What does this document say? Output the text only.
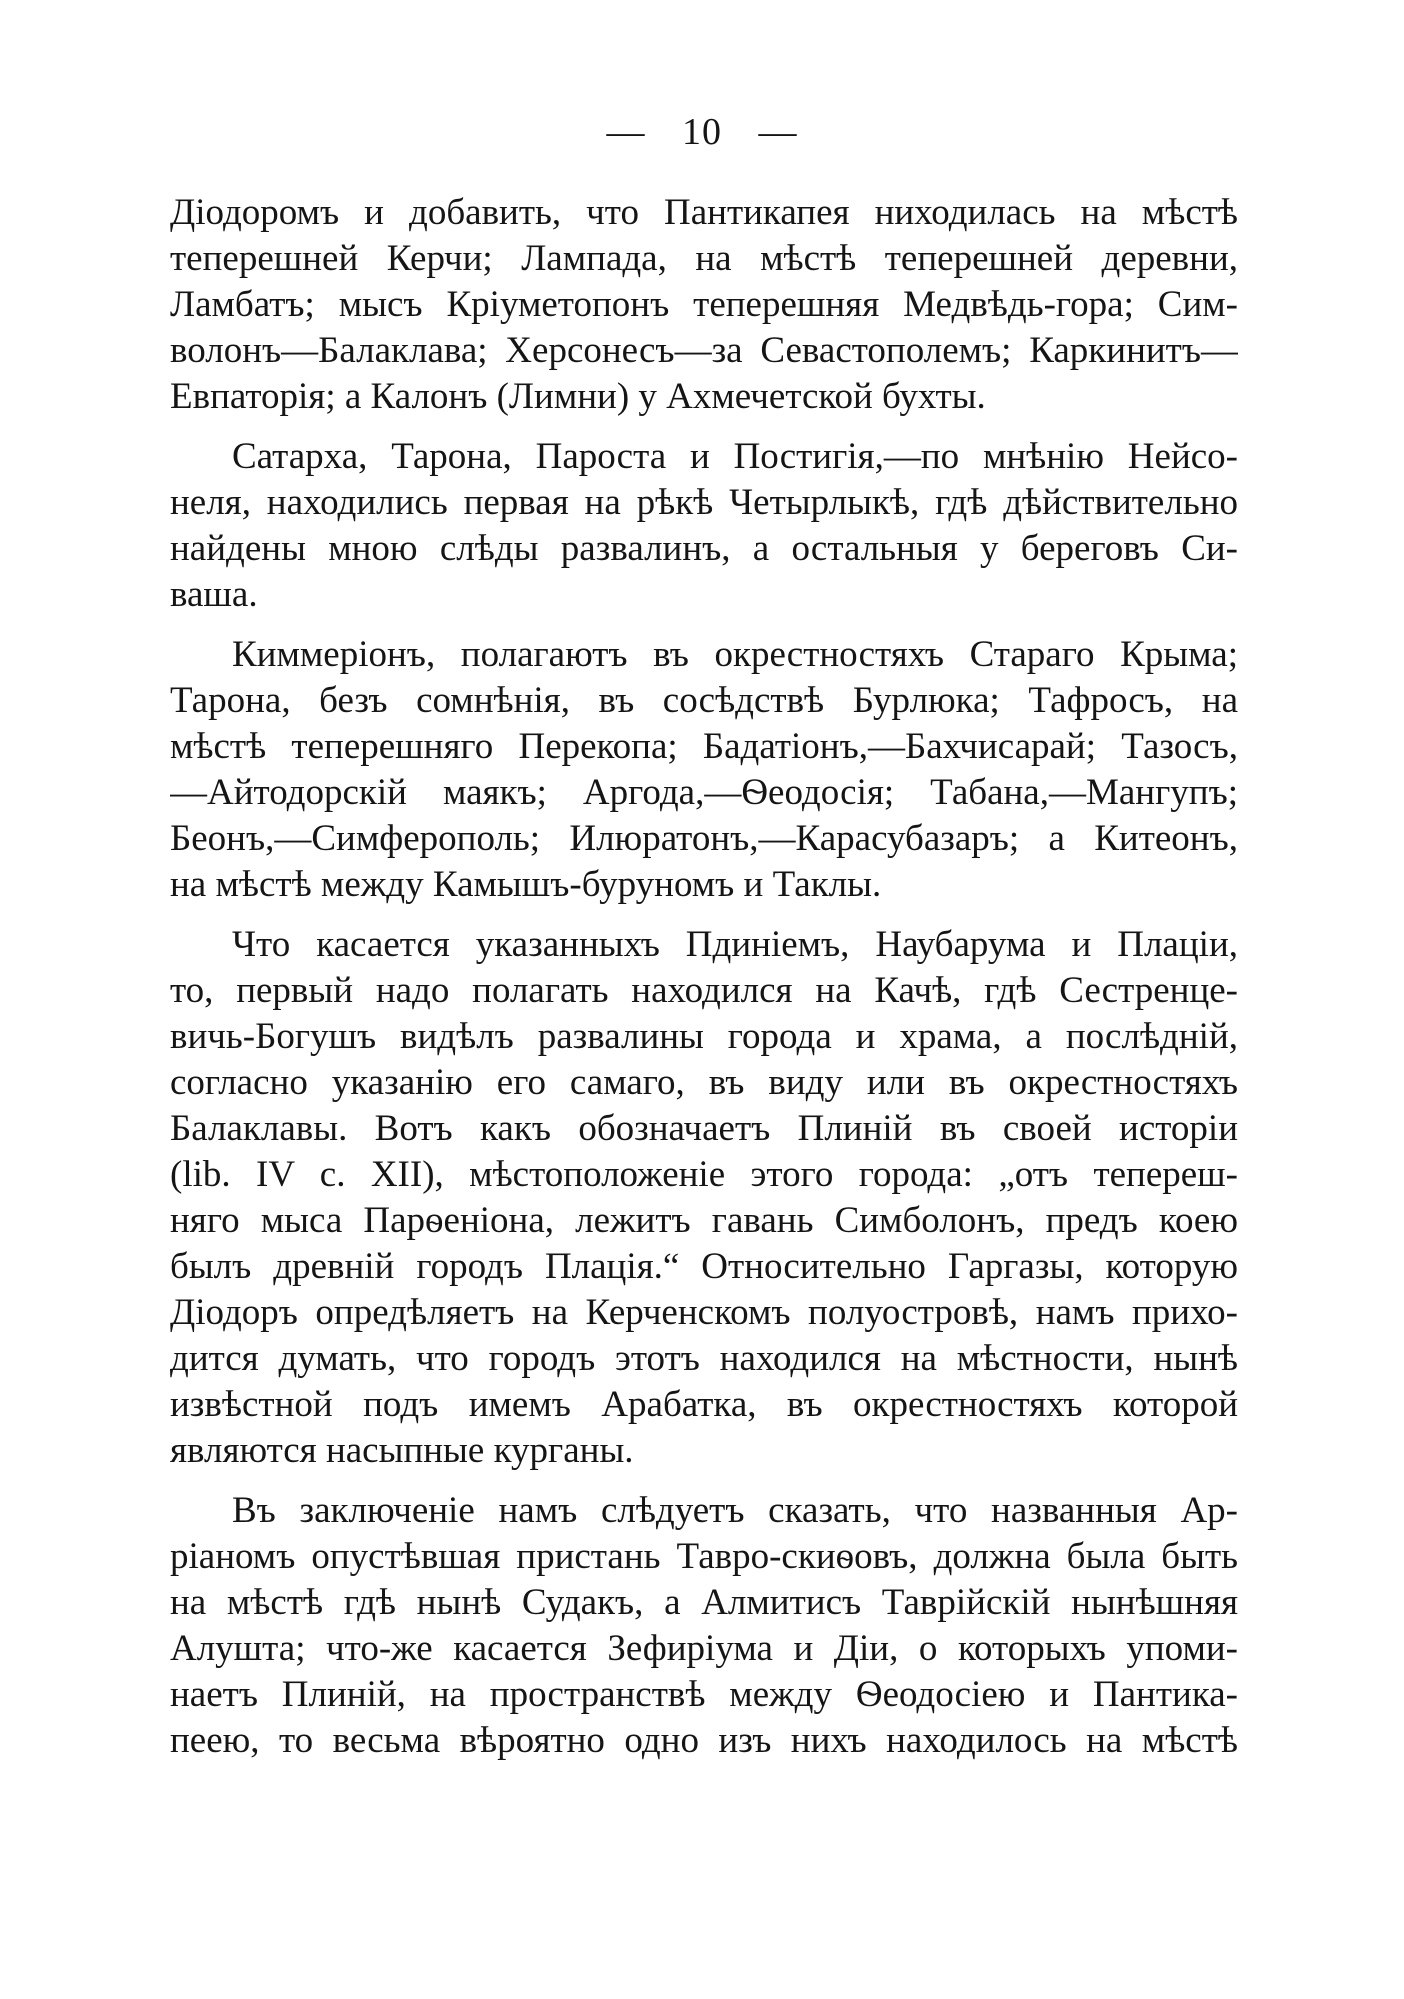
— 10 —
Діодоромъ и добавить, что Пантикапея ниходилась на мѣстѣ
теперешней Керчи; Лампада, на мѣстѣ теперешней деревни,
Ламбатъ; мысъ Кріуметопонъ теперешняя Медвѣдь-гора; Сим-
волонъ—Балаклава; Херсонесъ—за Севастополемъ; Каркинитъ—
Евпаторія; а Калонъ (Лимни) у Ахмечетской бухты.
Сатарха, Тарона, Пароста и Постигія,—по мнѣнію Нейсо-
неля, находились первая на рѣкѣ Четырлыкѣ, гдѣ дѣйствительно
найдены мною слѣды развалинъ, а остальныя у береговъ Си-
ваша.
Киммеріонъ, полагаютъ въ окрестностяхъ Стараго Крыма;
Тарона, безъ сомнѣнія, въ сосѣдствѣ Бурлюка; Тафросъ, на
мѣстѣ теперешняго Перекопа; Бадатіонъ,—Бахчисарай; Тазосъ,
—Айтодорскій маякъ; Аргода,—Ѳеодосія; Табана,—Мангупъ;
Беонъ,—Симферополь; Илюратонъ,—Карасубазаръ; а Китеонъ,
на мѣстѣ между Камышъ-буруномъ и Таклы.
Что касается указанныхъ Пдиніемъ, Наубарума и Плаціи,
то, первый надо полагать находился на Качѣ, гдѣ Сестренце-
вичь-Богушъ видѣлъ развалины города и храма, а послѣдній,
согласно указанію его самаго, въ виду или въ окрестностяхъ
Балаклавы. Вотъ какъ обозначаетъ Плиній въ своей исторіи
(lib. IV c. XII), мѣстоположеніе этого города: „отъ тепереш-
няго мыса Парѳеніона, лежитъ гавань Симболонъ, предъ коею
былъ древній городъ Плація.“ Относительно Гаргазы, которую
Діодоръ опредѣляетъ на Керченскомъ полуостровѣ, намъ прихо-
дится думать, что городъ этотъ находился на мѣстности, нынѣ
извѣстной подъ имемъ Арабатка, въ окрестностяхъ которой
являются насыпные курганы.
Въ заключеніе намъ слѣдуетъ сказать, что названныя Ар-
ріаномъ опустѣвшая пристань Тавро-скиѳовъ, должна была быть
на мѣстѣ гдѣ нынѣ Судакъ, а Алмитисъ Таврійскій нынѣшняя
Алушта; что-же касается Зефиріума и Діи, о которыхъ упоми-
наетъ Плиній, на пространствѣ между Ѳеодосіею и Пантика-
пеею, то весьма вѣроятно одно изъ нихъ находилось на мѣстѣ
